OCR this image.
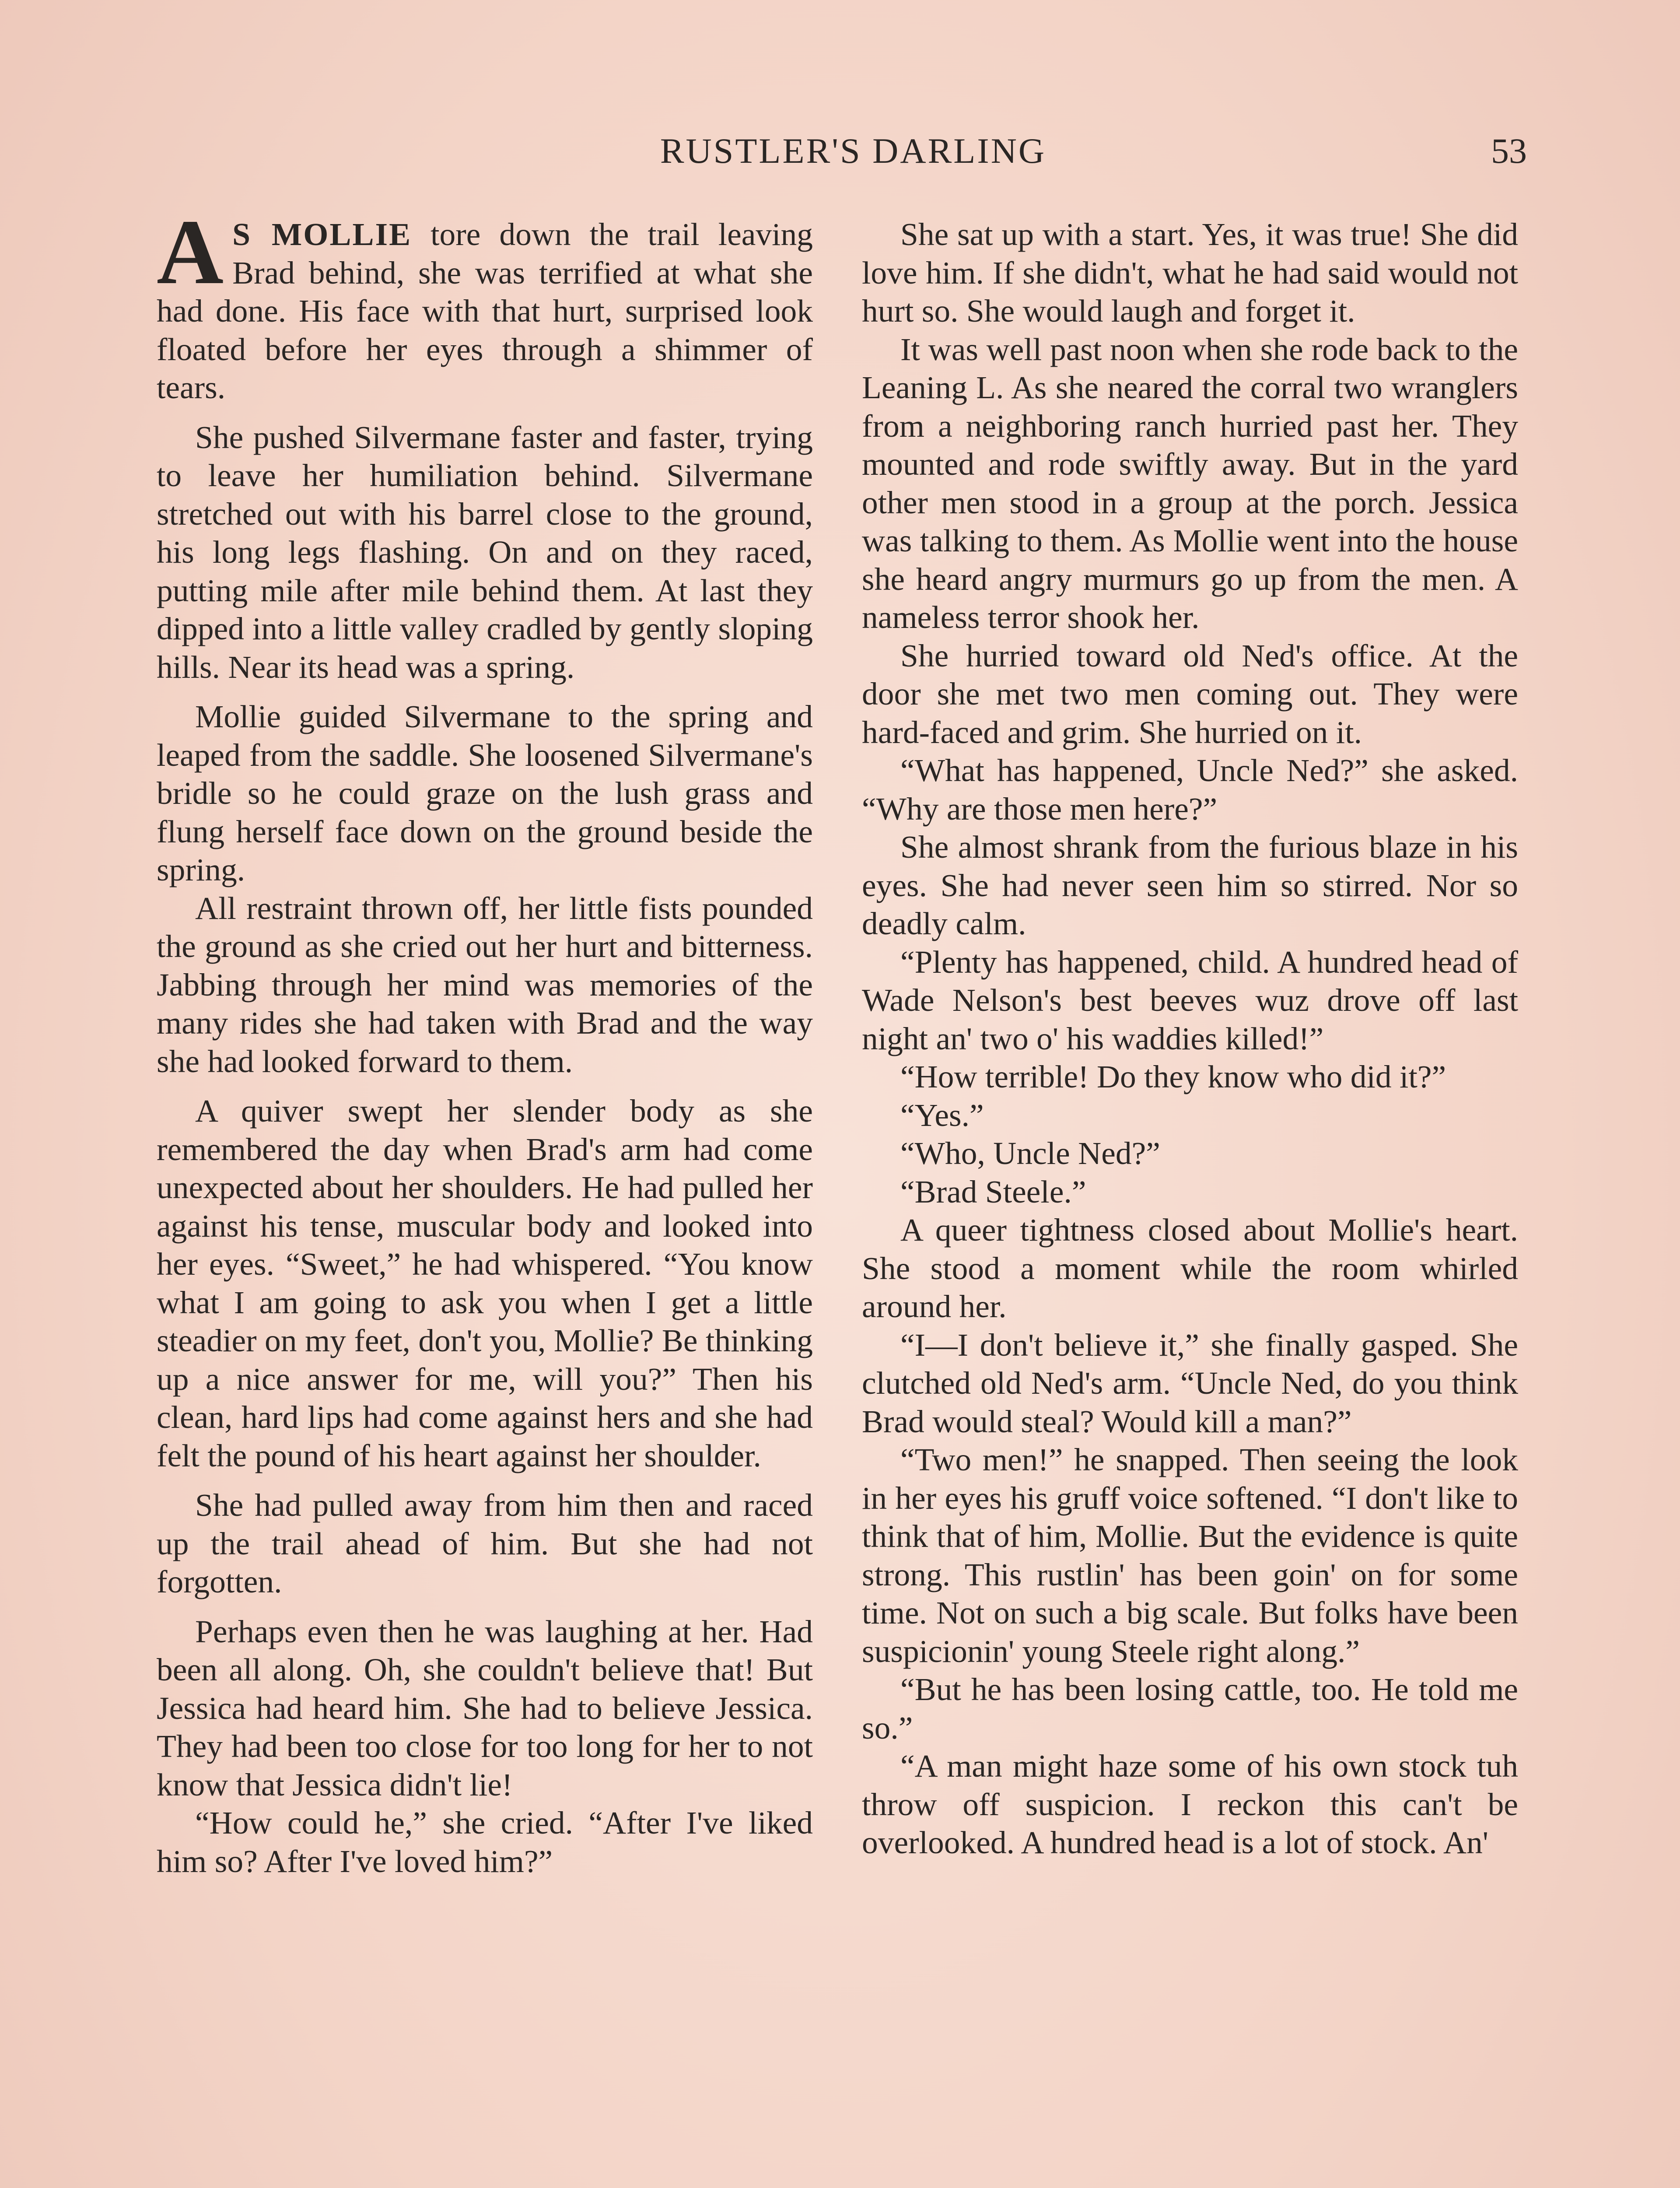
RUSTLER'S DARLING	53

A S MOLLIE tore down the trail leaving Brad behind, she was terrified at what she had done. His face with that hurt, surprised look floated before her eyes through a shimmer of tears.

She pushed Silvermane faster and faster, trying to leave her humiliation behind. Silvermane stretched out with his barrel close to the ground, his long legs flashing. On and on they raced, putting mile after mile behind them. At last they dipped into a little valley cradled by gently sloping hills. Near its head was a spring.

Mollie guided Silvermane to the spring and leaped from the saddle. She loosened Silvermane's bridle so he could graze on the lush grass and flung herself face down on the ground beside the spring.

All restraint thrown off, her little fists pounded the ground as she cried out her hurt and bitterness. Jabbing through her mind was memories of the many rides she had taken with Brad and the way she had looked forward to them.

A quiver swept her slender body as she remembered the day when Brad's arm had come unexpected about her shoulders. He had pulled her against his tense, muscular body and looked into her eyes. “Sweet,” he had whispered. “You know what I am going to ask you when I get a little steadier on my feet, don't you, Mollie? Be thinking up a nice answer for me, will you?” Then his clean, hard lips had come against hers and she had felt the pound of his heart against her shoulder.

She had pulled away from him then and raced up the trail ahead of him. But she had not forgotten.

Perhaps even then he was laughing at her. Had been all along. Oh, she couldn't believe that! But Jessica had heard him. She had to believe Jessica. They had been too close for too long for her to not know that Jessica didn't lie!

“How could he,” she cried. “After I've liked him so? After I've loved him?”

She sat up with a start. Yes, it was true! She did love him. If she didn't, what he had said would not hurt so. She would laugh and forget it.

It was well past noon when she rode back to the Leaning L. As she neared the corral two wranglers from a neighboring ranch hurried past her. They mounted and rode swiftly away. But in the yard other men stood in a group at the porch. Jessica was talking to them. As Mollie went into the house she heard angry murmurs go up from the men. A nameless terror shook her.

She hurried toward old Ned's office. At the door she met two men coming out. They were hard-faced and grim. She hurried on it.

“What has happened, Uncle Ned?” she asked. “Why are those men here?”

She almost shrank from the furious blaze in his eyes. She had never seen him so stirred. Nor so deadly calm.

“Plenty has happened, child. A hundred head of Wade Nelson's best beeves wuz drove off last night an' two o' his waddies killed!”

“How terrible! Do they know who did it?”

“Yes.”

“Who, Uncle Ned?”

“Brad Steele.”

A queer tightness closed about Mollie's heart. She stood a moment while the room whirled around her.

“I—I don't believe it,” she finally gasped. She clutched old Ned's arm. “Uncle Ned, do you think Brad would steal? Would kill a man?”

“Two men!” he snapped. Then seeing the look in her eyes his gruff voice softened. “I don't like to think that of him, Mollie. But the evidence is quite strong. This rustlin' has been goin' on for some time. Not on such a big scale. But folks have been suspicionin' young Steele right along.”

“But he has been losing cattle, too. He told me so.”

“A man might haze some of his own stock tuh throw off suspicion. I reckon this can't be overlooked. A hundred head is a lot of stock. An'
